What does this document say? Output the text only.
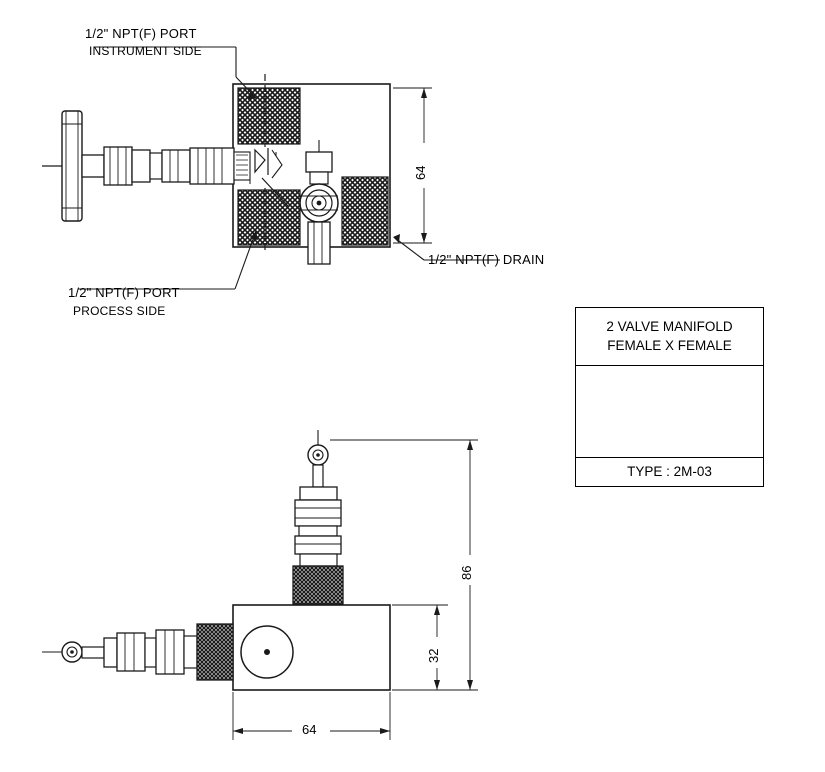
1/2" NPT(F) PORT
INSTRUMENT SIDE
1/2" NPT(F) PORT
PROCESS SIDE
1/2" NPT(F) DRAIN
64
86
32
64
2 VALVE MANIFOLD
FEMALE X FEMALE
TYPE : 2M-03
